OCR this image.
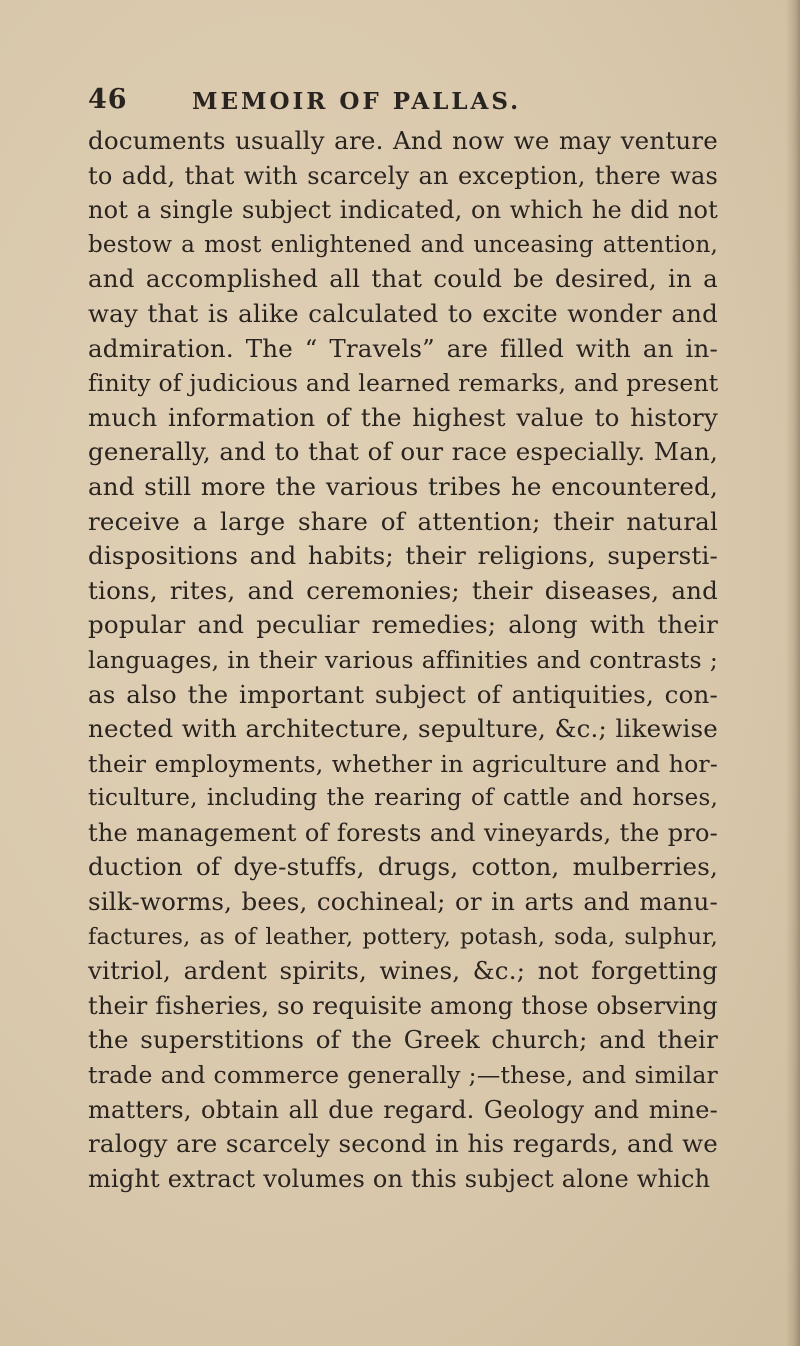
46	MEMOIR OF PALLAS.
documents usually are. And now we may venture
to add, that with scarcely an exception, there was
not a single subject indicated, on which he did not
bestow a most enlightened and unceasing attention,
and accomplished all that could be desired, in a
way that is alike calculated to excite wonder and
admiration. The “ Travels” are filled with an in-
finity of judicious and learned remarks, and present
much information of the highest value to history
generally, and to that of our race especially. Man,
and still more the various tribes he encountered,
receive a large share of attention; their natural
dispositions and habits; their religions, supersti-
tions, rites, and ceremonies; their diseases, and
popular and peculiar remedies; along with their
languages, in their various affinities and contrasts ;
as also the important subject of antiquities, con-
nected with architecture, sepulture, &c.; likewise
their employments, whether in agriculture and hor-
ticulture, including the rearing of cattle and horses,
the management of forests and vineyards, the pro-
duction of dye-stuffs, drugs, cotton, mulberries,
silk-worms, bees, cochineal; or in arts and manu-
factures, as of leather, pottery, potash, soda, sulphur,
vitriol, ardent spirits, wines, &c.; not forgetting
their fisheries, so requisite among those observing
the superstitions of the Greek church; and their
trade and commerce generally ;—these, and similar
matters, obtain all due regard. Geology and mine-
ralogy are scarcely second in his regards, and we
might extract volumes on this subject alone which
